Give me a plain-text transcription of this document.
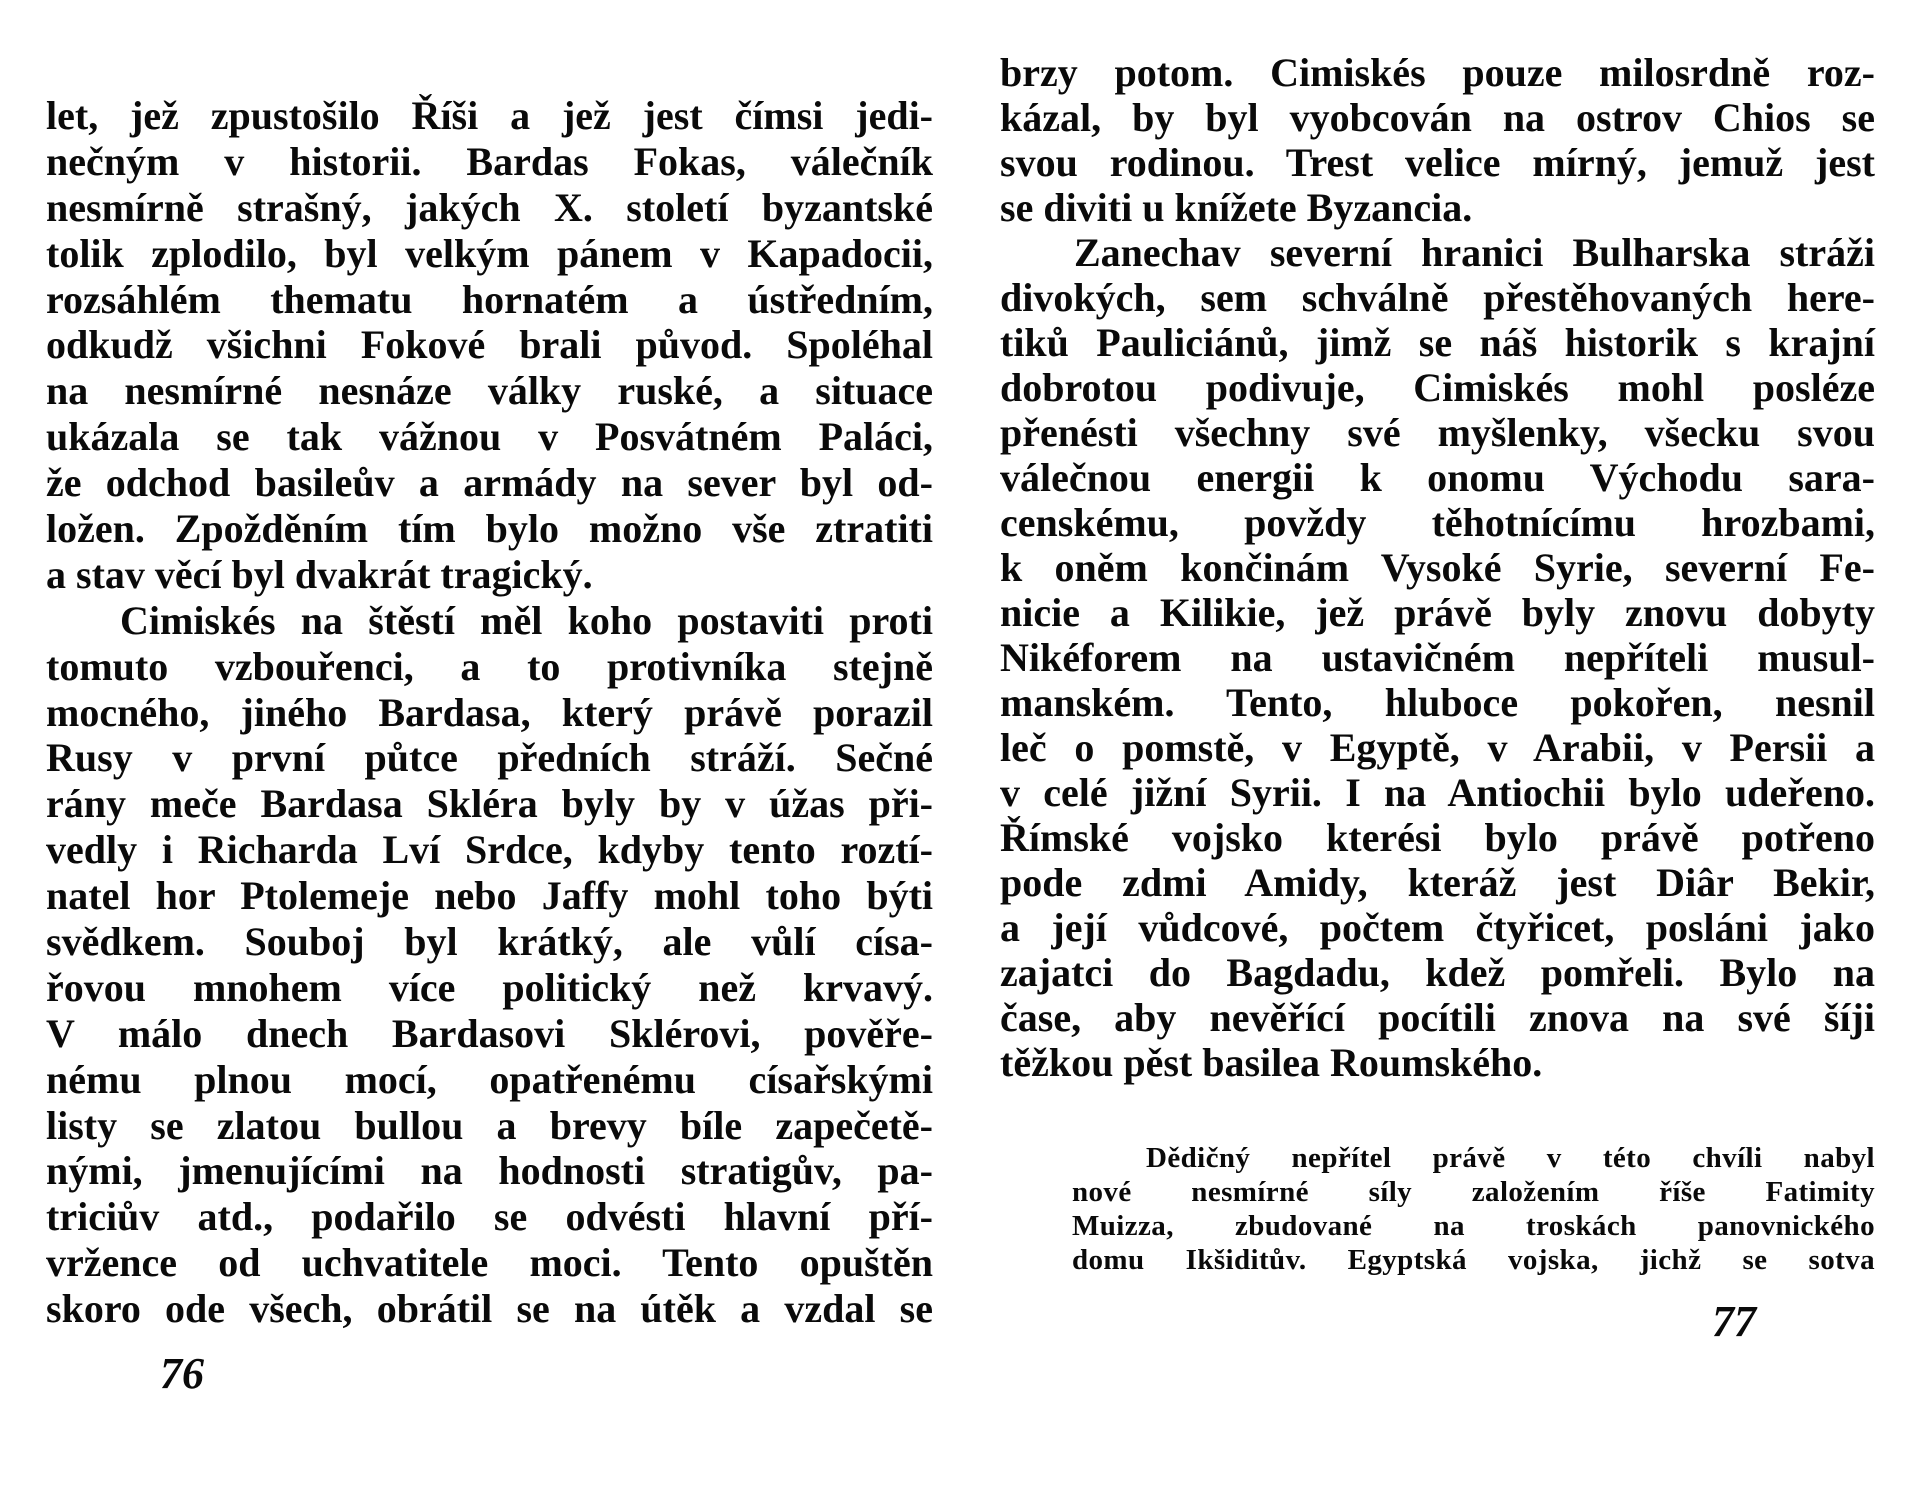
let, jež zpustošilo Říši a jež jest čímsi jedi-
nečným v historii. Bardas Fokas, válečník
nesmírně strašný, jakých X. století byzantské
tolik zplodilo, byl velkým pánem v Kapadocii,
rozsáhlém thematu hornatém a ústředním,
odkudž všichni Fokové brali původ. Spoléhal
na nesmírné nesnáze války ruské, a situace
ukázala se tak vážnou v Posvátném Paláci,
že odchod basileův a armády na sever byl od-
ložen. Zpožděním tím bylo možno vše ztratiti
a stav věcí byl dvakrát tragický.
Cimiskés na štěstí měl koho postaviti proti
tomuto vzbouřenci, a to protivníka stejně
mocného, jiného Bardasa, který právě porazil
Rusy v první půtce předních stráží. Sečné
rány meče Bardasa Skléra byly by v úžas při-
vedly i Richarda Lví Srdce, kdyby tento roztí-
natel hor Ptolemeje nebo Jaffy mohl toho býti
svědkem. Souboj byl krátký, ale vůlí císa-
řovou mnohem více politický než krvavý.
V málo dnech Bardasovi Sklérovi, pověře-
nému plnou mocí, opatřenému císařskými
listy se zlatou bullou a brevy bíle zapečetě-
nými, jmenujícími na hodnosti stratigův, pa-
triciův atd., podařilo se odvésti hlavní pří-
vržence od uchvatitele moci. Tento opuštěn
skoro ode všech, obrátil se na útěk a vzdal se
76
brzy potom. Cimiskés pouze milosrdně roz-
kázal, by byl vyobcován na ostrov Chios se
svou rodinou. Trest velice mírný, jemuž jest
se diviti u knížete Byzancia.
Zanechav severní hranici Bulharska stráži
divokých, sem schválně přestěhovaných here-
tiků Pauliciánů, jimž se náš historik s krajní
dobrotou podivuje, Cimiskés mohl posléze
přenésti všechny své myšlenky, všecku svou
válečnou energii k onomu Východu sara-
censkému, povždy těhotnícímu hrozbami,
k oněm končinám Vysoké Syrie, severní Fe-
nicie a Kilikie, jež právě byly znovu dobyty
Nikéforem na ustavičném nepříteli musul-
manském. Tento, hluboce pokořen, nesnil
leč o pomstě, v Egyptě, v Arabii, v Persii a
v celé jižní Syrii. I na Antiochii bylo udeřeno.
Římské vojsko kterési bylo právě potřeno
pode zdmi Amidy, kteráž jest Diâr Bekir,
a její vůdcové, počtem čtyřicet, posláni jako
zajatci do Bagdadu, kdež pomřeli. Bylo na
čase, aby nevěřící pocítili znova na své šíji
těžkou pěst basilea Roumského.
Dědičný nepřítel právě v této chvíli nabyl
nové nesmírné síly založením říše Fatimity
Muizza, zbudované na troskách panovnického
domu Ikšiditův. Egyptská vojska, jichž se sotva
77
